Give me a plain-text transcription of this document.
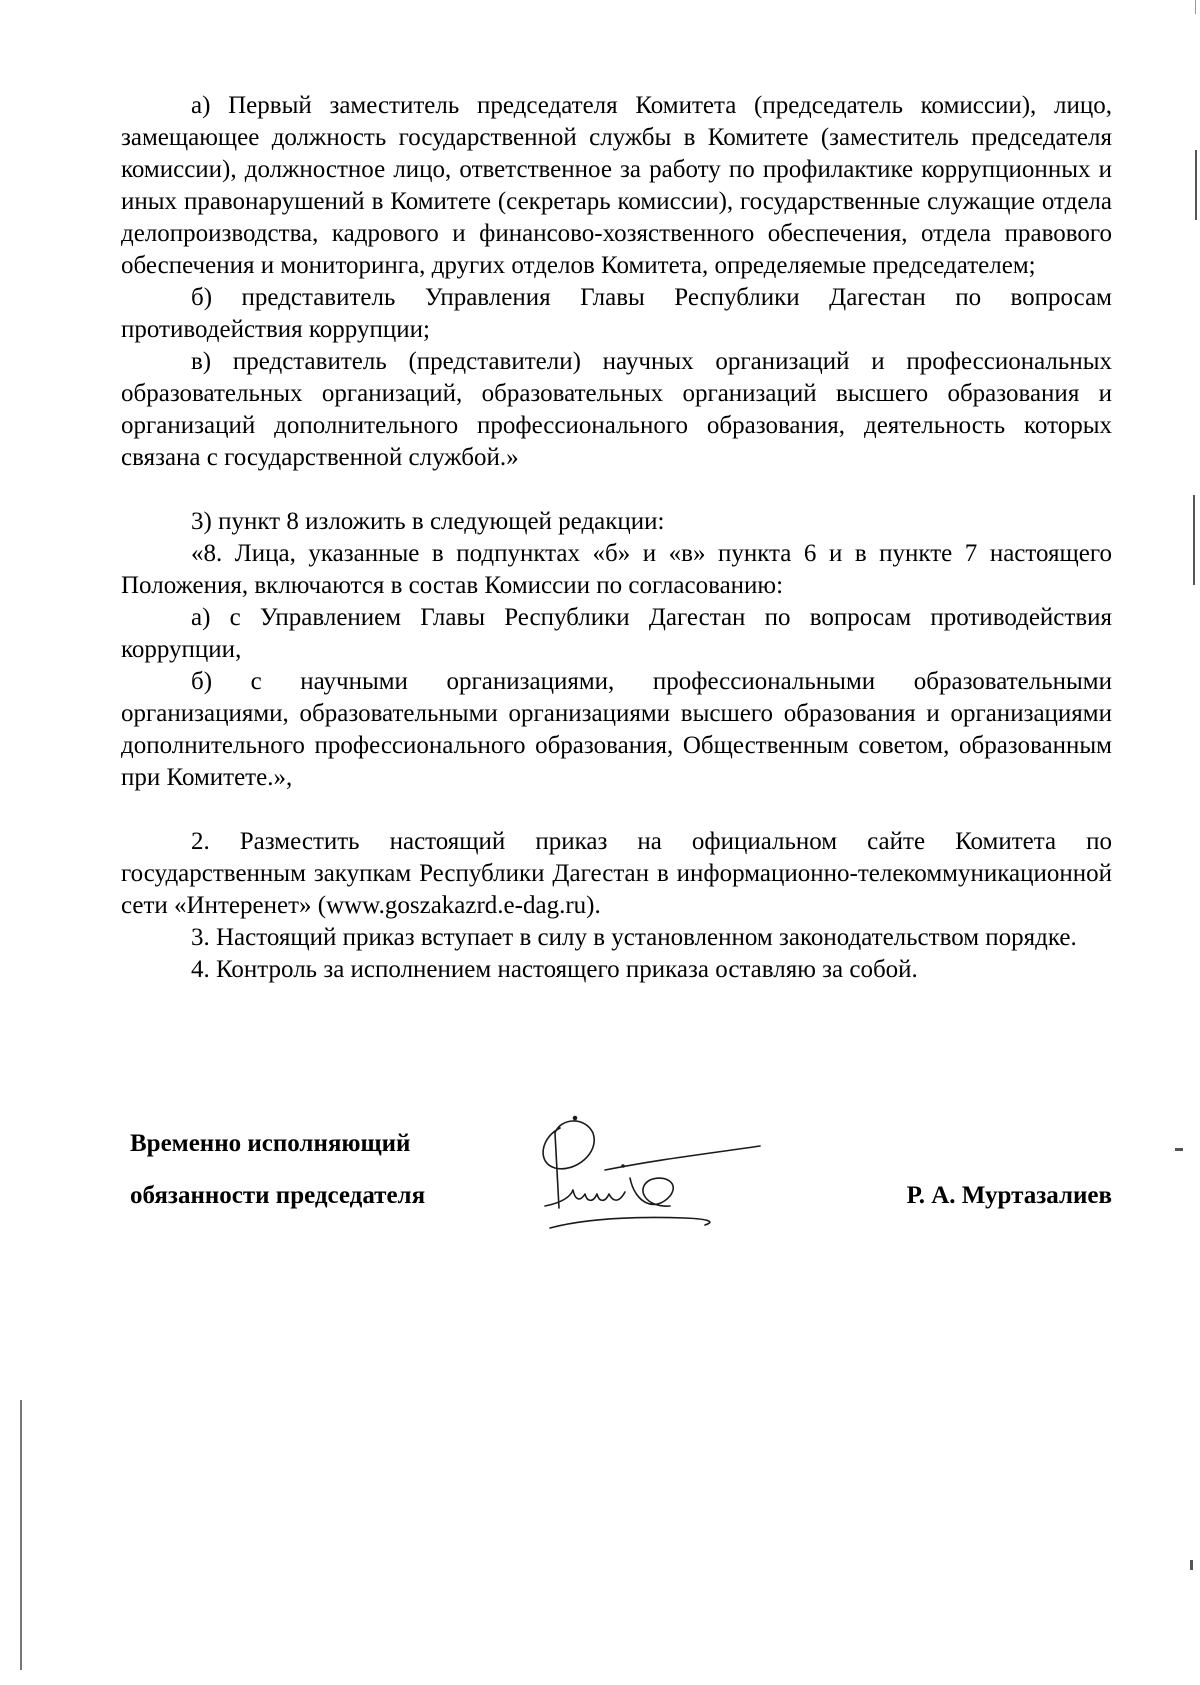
а) Первый заместитель председателя Комитета (председатель комиссии), лицо, замещающее должность государственной службы в Комитете (заместитель председателя комиссии), должностное лицо, ответственное за работу по профилактике коррупционных и иных правонарушений в Комитете (секретарь комиссии), государственные служащие отдела делопроизводства, кадрового и финансово-хозяственного обеспечения, отдела правового обеспечения и мониторинга, других отделов Комитета, определяемые председателем;

б) представитель Управления Главы Республики Дагестан по вопросам противодействия коррупции;

в) представитель (представители) научных организаций и профессиональных образовательных организаций, образовательных организаций высшего образования и организаций дополнительного профессионального образования, деятельность которых связана с государственной службой.»

3) пункт 8 изложить в следующей редакции:

«8. Лица, указанные в подпунктах «б» и «в» пункта 6 и в пункте 7 настоящего Положения, включаются в состав Комиссии по согласованию:

а) с Управлением Главы Республики Дагестан по вопросам противодействия коррупции,

б) с научными организациями, профессиональными образовательными организациями, образовательными организациями высшего образования и организациями дополнительного профессионального образования, Общественным советом, образованным при Комитете.»,

2. Разместить настоящий приказ на официальном сайте Комитета по государственным закупкам Республики Дагестан в информационно-телекоммуникационной сети «Интеренет» (www.goszakazrd.e-dag.ru).

3. Настоящий приказ вступает в силу в установленном законодательством порядке.

4. Контроль за исполнением настоящего приказа оставляю за собой.

Временно исполняющий
обязанности председателя	Р. А. Муртазалиев
